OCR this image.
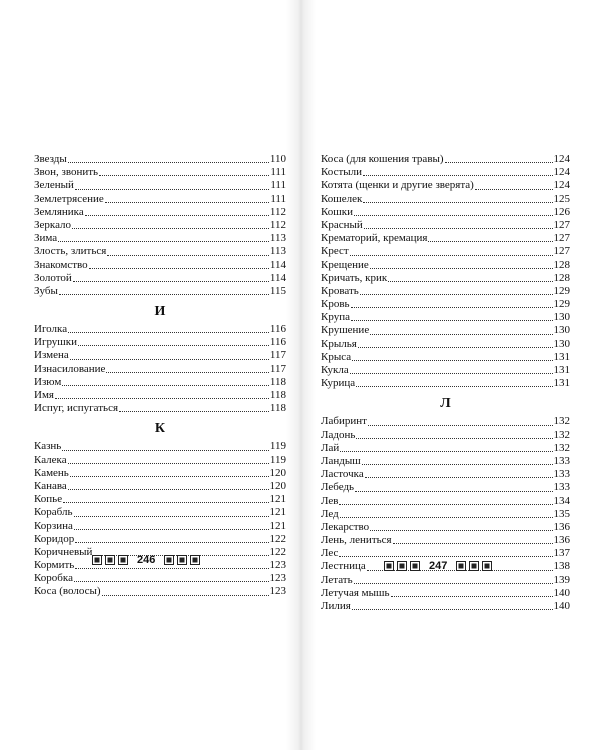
Звезды	110
Звон, звонить	111
Зеленый	111
Землетрясение	111
Земляника	112
Зеркало	112
Зима	113
Злость, злиться	113
Знакомство	114
Золотой	114
Зубы	115
И
Иголка	116
Игрушки	116
Измена	117
Изнасилование	117
Изюм	118
Имя	118
Испуг, испугаться	118
К
Казнь	119
Калека	119
Камень	120
Канава	120
Копье	121
Корабль	121
Корзина	121
Коридор	122
Коричневый	122
Кормить	123
Коробка	123
Коса (волосы)	123
Коса (для кошения травы)	124
Костыли	124
Котята (щенки и другие зверята)	124
Кошелек	125
Кошки	126
Красный	127
Крематорий, кремация	127
Крест	127
Крещение	128
Кричать, крик	128
Кровать	129
Кровь	129
Крупа	130
Крушение	130
Крылья	130
Крыса	131
Кукла	131
Курица	131
Л
Лабиринт	132
Ладонь	132
Лай	132
Ландыш	133
Ласточка	133
Лебедь	133
Лев	134
Лед	135
Лекарство	136
Лень, лениться	136
Лес	137
Лестница	138
Летать	139
Летучая мышь	140
Лилия	140
246	247
